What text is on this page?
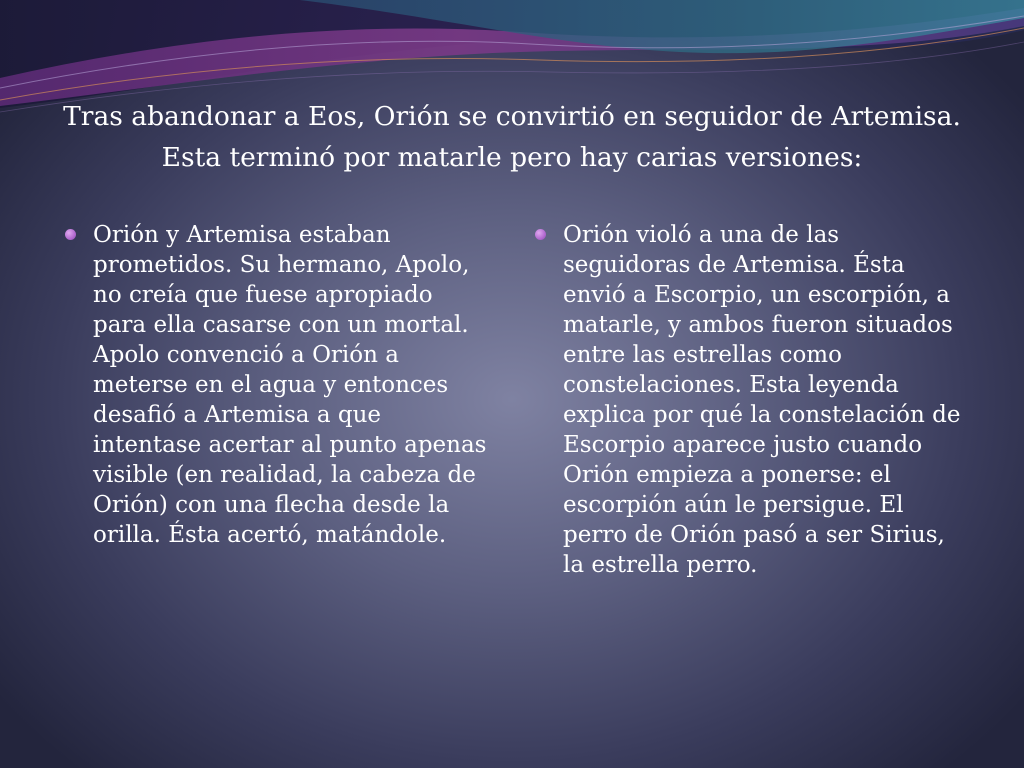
Tras abandonar a Eos, Orión se convirtió en seguidor de Artemisa. Esta terminó por matarle pero hay carias versiones:
Orión y Artemisa estaban prometidos. Su hermano, Apolo, no creía que fuese apropiado para ella casarse con un mortal. Apolo convenció a Orión a meterse en el agua y entonces desafió a Artemisa a que intentase acertar al punto apenas visible (en realidad, la cabeza de Orión) con una flecha desde la orilla. Ésta acertó, matándole.
Orión violó a una de las seguidoras de Artemisa. Ésta envió a Escorpio, un escorpión, a matarle, y ambos fueron situados entre las estrellas como constelaciones. Esta leyenda explica por qué la constelación de Escorpio aparece justo cuando Orión empieza a ponerse: el escorpión aún le persigue. El perro de Orión pasó a ser Sirius, la estrella perro.
